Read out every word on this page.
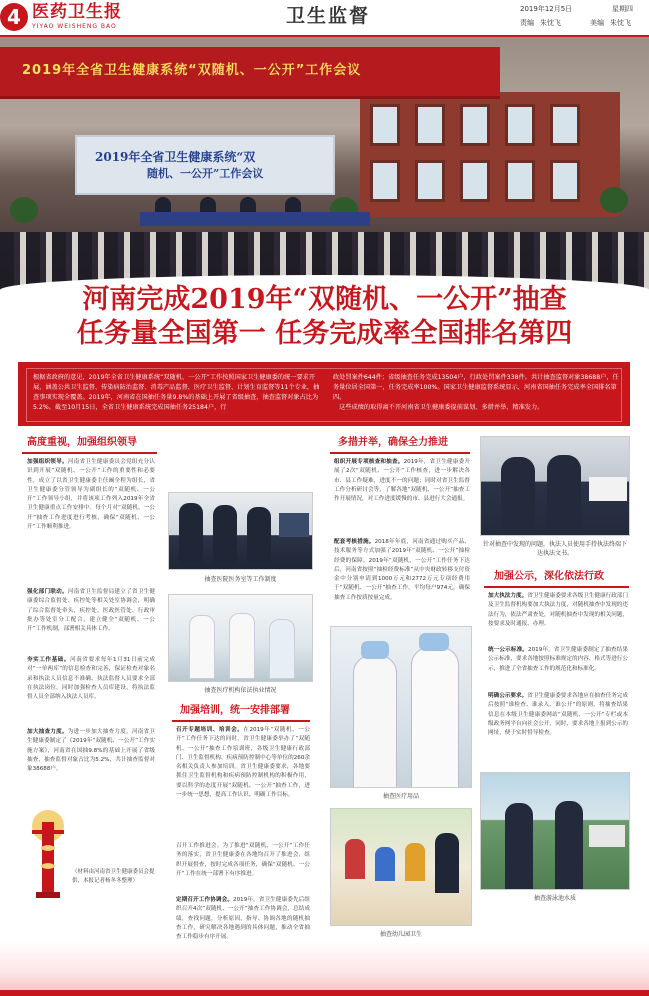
4 医药卫生报
YIYAO WEISHENG BAO	卫生监督	2019年12月5日	星期四
责编 朱忱飞	美编 朱忱飞
2019年全省卫生健康系统“双随机、一公开”工作会议
2019年全省卫生健康系统“双
随机、一公开”工作会议
河南完成2019年“双随机、一公开”抽查
任务量全国第一 任务完成率全国排名第四
根据省政府的意见，2019年全省卫生健康系统“双随机、一公开”工作按照国家卫生健康委的统一要求开展，涵盖公共卫生监督、传染病防治监督、消毒产品监督、医疗卫生监督、计划生育监督等11个专业，抽查事项实现全覆盖。2019年，河南省在国抽任务量9.8%的基础上开展了省级抽查，抽查监督对象占比为5.2%。截至10月15日，全省卫生健康系统完成国抽任务25184户，行
政处罚案件644件；省级抽查任务完成13504户，行政处罚案件338件。共计抽查监督对象38688户，任务量位居全国第一，任务完成率100%。国家卫生健康监督系统显示，河南省国抽任务完成率全国排名第四。
　这些成绩的取得离不开河南省卫生健康委提前谋划、多措并举、精准发力。
高度重视，加强组织领导
加强组织领导。河南省卫生健康委员会党组充分认识到开展“双随机、一公开”工作的重要性和必要性，成立了以省卫生健康委主任阚全程为组长，省卫生健康委分管领导为副组长的“双随机、一公开”工作领导小组，并将该项工作列入2019年全省卫生健康重点工作安排中。每个月对“双随机、一公开”抽查工作进度进行考核，确保“双随机、一公开”工作顺利推进。
强化部门联动。河南省卫生监督局建立了省卫生健康委综合监督处、疾控处等相关处室协调会，明确了综合监督处牵头，疾控处、医政医管处、行政审批办等处室分工配合，建立健全“双随机、一公开”工作机制，部署相关具体工作。
夯实工作基础。河南省要求每年1月31日前完成对“一单两库”的信息检查和完善，保证检查对象名录和执法人员信息不准确、执法监督人员要求全部在执法岗位，同时加强检查人员库建设，将执法监督人员全部纳入执法人员库。
加大抽查力度。为进一步加大抽查力度，河南省卫生健康委制定了《2019年“双随机、一公开”工作实施方案》，河南省在国抽9.8%的基础上开展了省级抽查，抽查监督对象占比为5.2%，共计抽查监督对象38688户。
（材料由河南省卫生健康委员会提供，本报记者杨冬冬整理）
抽查医院医务室等工作制度
抽查医疗机构依法执业情况
加强培训，统一安排部署
召开专题培训、培训会。在2019年“双随机、一公开”工作任务下达的同时，省卫生健康委举办了“双随机、一公开”抽查工作培训班，各级卫生健康行政部门、卫生监督机构、疾病预防控制中心等单位的260余名相关负责人参加培训。省卫生健康委要求，各地要抓住卫生监督机构和疾病预防控制机构的积极作用，要以科学的态度开展“双随机、一公开”抽查工作，进一步统一思想，提高工作认识、明确工作目标。
召开工作推进会。为了推进“双随机、一公开”工作任务的落实，省卫生健康委在各地均召开了推进会，组织开展督查，按时完成各项任务，确保“双随机、一公开”工作在统一部署下有序推进。
定期召开工作协调会。2019年，省卫生健康委先后组织召开4次“双随机、一公开”抽查工作协调会，总结成绩，查找问题，分析原因，指导、协调各地的随机抽查工作，研究解决各地遇到的具体问题，推动全省抽查工作稳步有序开展。
多措并举，确保全力推进
组织开展专项核查和抽查。2019年，省卫生健康委开展了2次“双随机、一公开”工作核查，进一步解决各市、县工作疑难，进度不一的问题；同时对省卫生监督工作分析研讨会等，了解各地“双随机、一公开”抽查工作开展情况，对工作进度缓慢的市、县进行大会通报。
配套考核措施。2018年年底，河南省通过购买产品、技术服务等方式加强了2019年“双随机、一公开”抽检经费的保障。2019年“双随机、一公开”工作任务下达后，河南省按照“抽检经费标准”从中央财政转移支付资金中分别申请到1000万元和2772万元专项经费用于“双随机、一公开”抽查工作，平均每户974元，确保抽查工作按质按量完成。
抽查医疗用品
抽查幼儿园卫生
针对抽查中发现的问题，执法人员使用手持执法终端下达执法文书。
加强公示，深化依法行政
加大执法力度。省卫生健康委要求各级卫生健康行政部门及卫生监督机构要加大执法力度，对随机抽查中发现的违法行为，依法严肃查处，对随机抽查中发现的相关问题，按要求及时通报、办理。
统一公示标准。2019年，省卫生健康委制定了抽查结果公示标准，要求各地按照标准规定的内容、格式等进行公示，推进了全省抽查工作的规范化和标准化。
明确公示要求。省卫生健康委要求各地应在抽查任务完成后按照“谁检查、谁录入、谁公开”的原则，将抽查结果信息在本级卫生健康委网站“双随机、一公开”专栏或本级政务网平台向社会公开，同时，要求各地上报到公示的网址，便于实时督导检查。
抽查游泳池水质
